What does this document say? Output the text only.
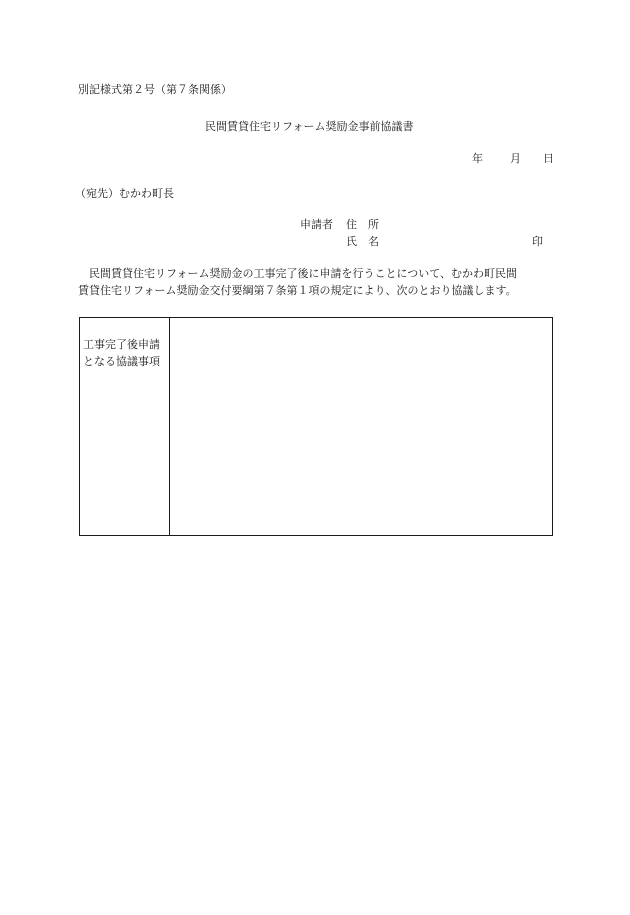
別記様式第２号（第７条関係）
民間賃貸住宅リフォーム奨励金事前協議書
年 月 日
（宛先）むかわ町長
申請者 住　所
氏　名	印
　民間賃貸住宅リフォーム奨励金の工事完了後に申請を行うことについて、むかわ町民間
賃貸住宅リフォーム奨励金交付要綱第７条第１項の規定により、次のとおり協議します。
工事完了後申請
となる協議事項
